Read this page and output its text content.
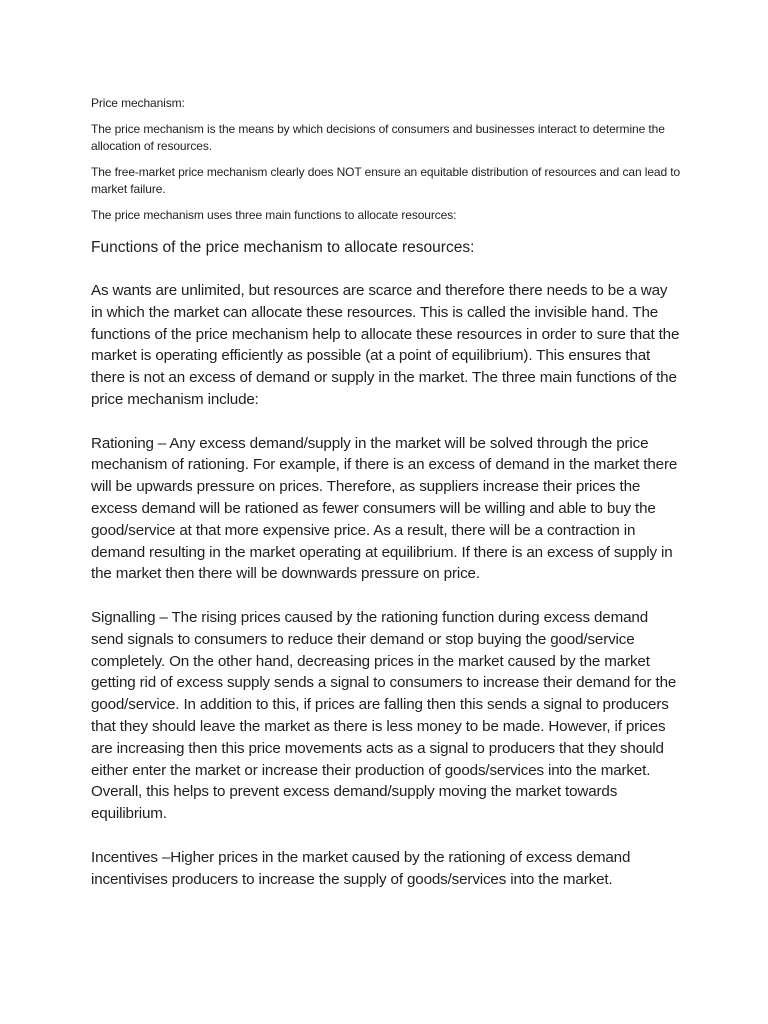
Price mechanism:

The price mechanism is the means by which decisions of consumers and businesses interact to determine the allocation of resources.

The free-market price mechanism clearly does NOT ensure an equitable distribution of resources and can lead to market failure.

The price mechanism uses three main functions to allocate resources:

Functions of the price mechanism to allocate resources:

As wants are unlimited, but resources are scarce and therefore there needs to be a way in which the market can allocate these resources. This is called the invisible hand. The functions of the price mechanism help to allocate these resources in order to sure that the market is operating efficiently as possible (at a point of equilibrium). This ensures that there is not an excess of demand or supply in the market. The three main functions of the price mechanism include:

Rationing – Any excess demand/supply in the market will be solved through the price mechanism of rationing. For example, if there is an excess of demand in the market there will be upwards pressure on prices. Therefore, as suppliers increase their prices the excess demand will be rationed as fewer consumers will be willing and able to buy the good/service at that more expensive price. As a result, there will be a contraction in demand resulting in the market operating at equilibrium. If there is an excess of supply in the market then there will be downwards pressure on price.

Signalling – The rising prices caused by the rationing function during excess demand send signals to consumers to reduce their demand or stop buying the good/service completely. On the other hand, decreasing prices in the market caused by the market getting rid of excess supply sends a signal to consumers to increase their demand for the good/service. In addition to this, if prices are falling then this sends a signal to producers that they should leave the market as there is less money to be made. However, if prices are increasing then this price movements acts as a signal to producers that they should either enter the market or increase their production of goods/services into the market. Overall, this helps to prevent excess demand/supply moving the market towards equilibrium.

Incentives –Higher prices in the market caused by the rationing of excess demand incentivises producers to increase the supply of goods/services into the market.
